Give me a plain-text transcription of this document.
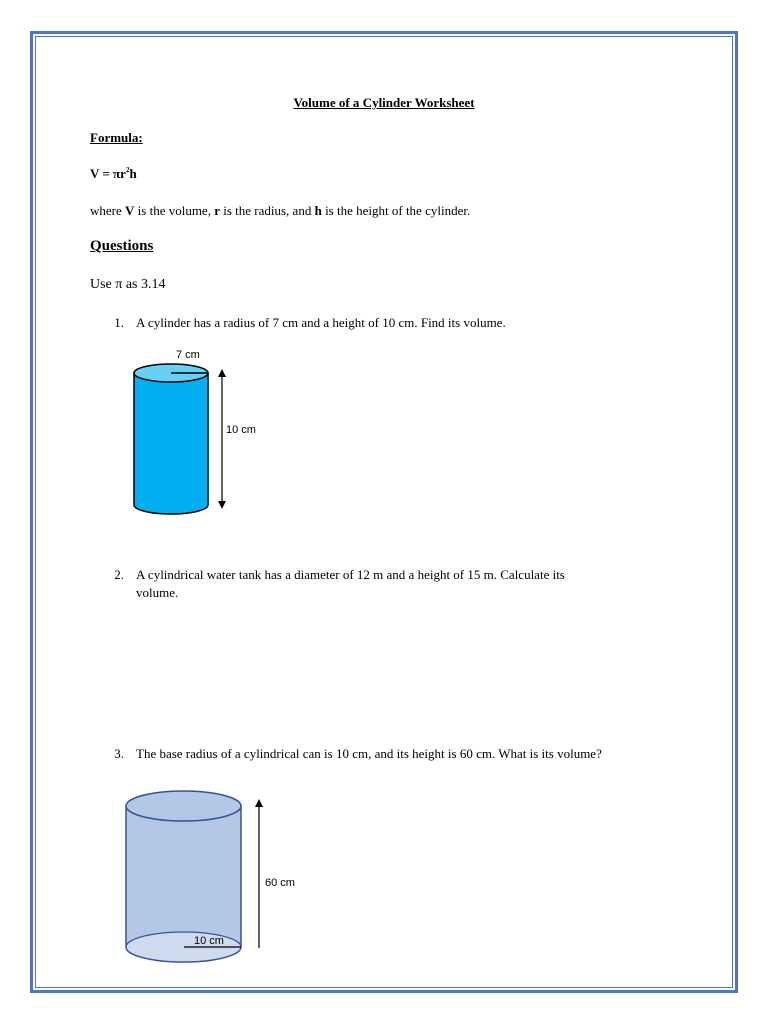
Volume of a Cylinder Worksheet
Formula:
$V = \pi r^2h$
where V is the volume, r is the radius, and h is the height of the cylinder.
Questions
Use π as 3.14
1. A cylinder has a radius of 7 cm and a height of 10 cm. Find its volume.
2. A cylindrical water tank has a diameter of 12 m and a height of 15 m. Calculate its
volume.
3. The base radius of a cylindrical can is 10 cm, and its height is 60 cm. What is its volume?
7 cm
10 cm
10 cm
60 cm
